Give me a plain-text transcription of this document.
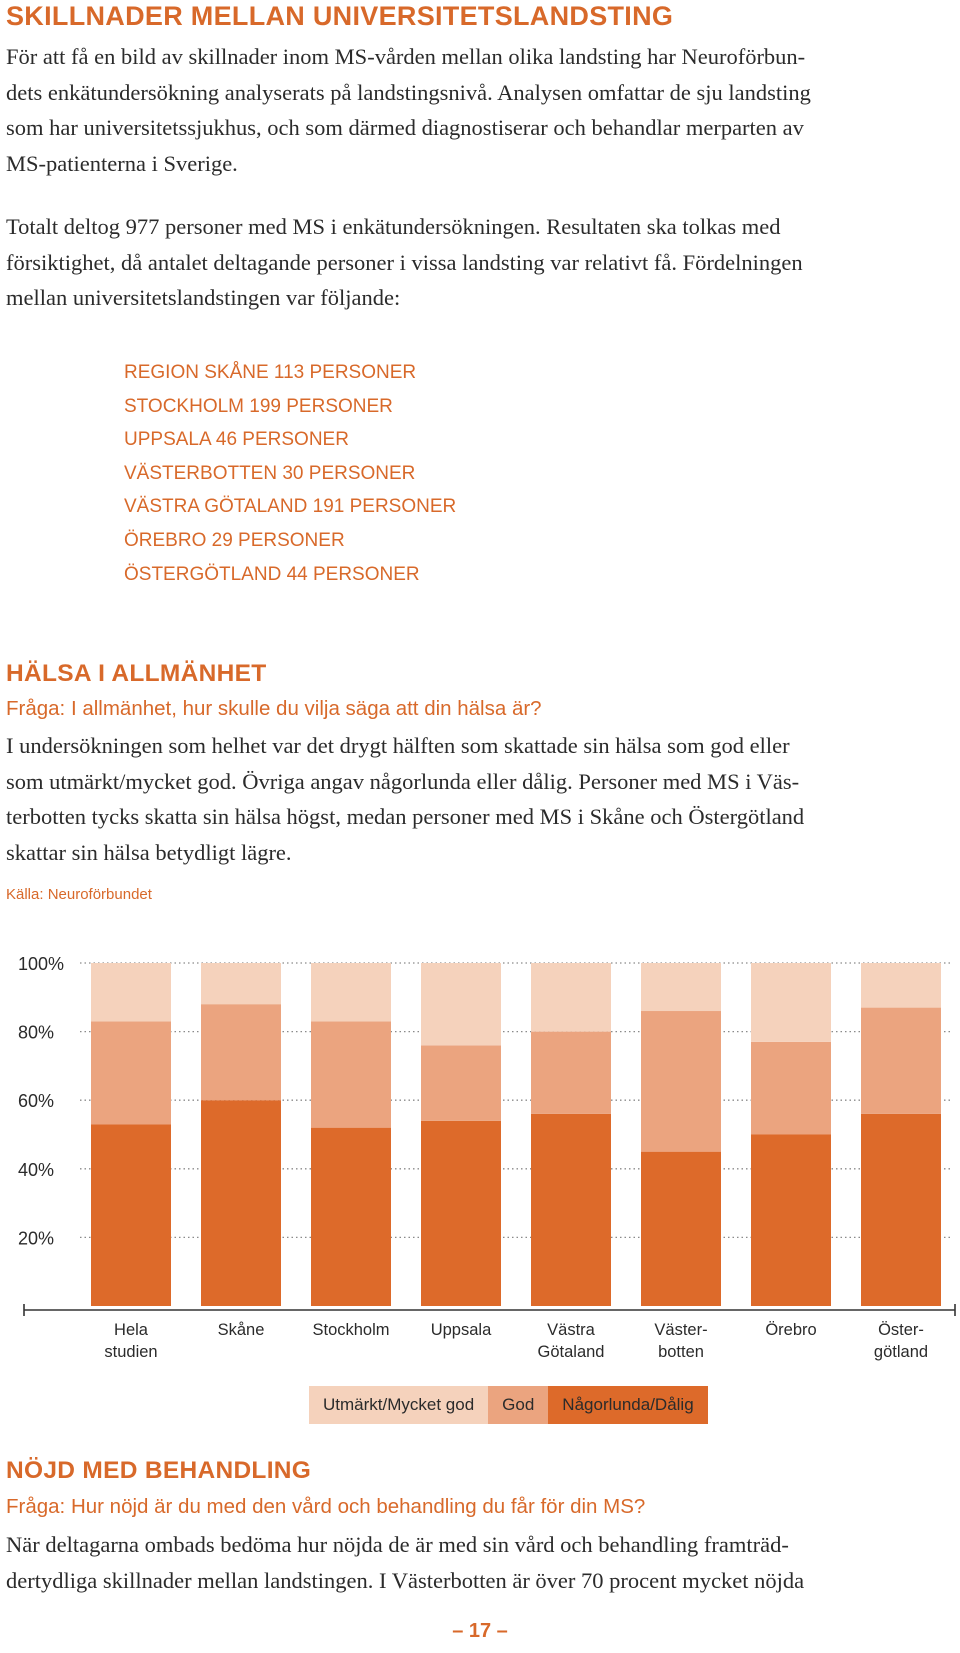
SKILLNADER MELLAN UNIVERSITETSLANDSTING

För att få en bild av skillnader inom MS-vården mellan olika landsting har Neuroförbun-
dets enkätundersökning analyserats på landstingsnivå. Analysen omfattar de sju landsting
som har universitetssjukhus, och som därmed diagnostiserar och behandlar merparten av
MS-patienterna i Sverige.

Totalt deltog 977 personer med MS i enkätundersökningen. Resultaten ska tolkas med
försiktighet, då antalet deltagande personer i vissa landsting var relativt få. Fördelningen
mellan universitetslandstingen var följande:

REGION SKÅNE 113 PERSONER
STOCKHOLM 199 PERSONER
UPPSALA 46 PERSONER
VÄSTERBOTTEN 30 PERSONER
VÄSTRA GÖTALAND 191 PERSONER
ÖREBRO 29 PERSONER
ÖSTERGÖTLAND 44 PERSONER
HÄLSA I ALLMÄNHET

Fråga: I allmänhet, hur skulle du vilja säga att din hälsa är?

I undersökningen som helhet var det drygt hälften som skattade sin hälsa som god eller
som utmärkt/mycket god. Övriga angav någorlunda eller dålig. Personer med MS i Väs-
terbotten tycks skatta sin hälsa högst, medan personer med MS i Skåne och Östergötland
skattar sin hälsa betydligt lägre.

Källa: Neuroförbundet

20%
40%
60%
80%
100%
Hela studien
Skåne	Stockholm Uppsala	Västra Götaland
Väster-botten
Örebro	Öster-götland
Utmärkt/Mycket god	God	Någorlunda/Dålig
NÖJD MED BEHANDLING

Fråga: Hur nöjd är du med den vård och behandling du får för din MS?

När deltagarna ombads bedöma hur nöjda de är med sin vård och behandling framträd-
dertydliga skillnader mellan landstingen. I Västerbotten är över 70 procent mycket nöjda

– 17 –
